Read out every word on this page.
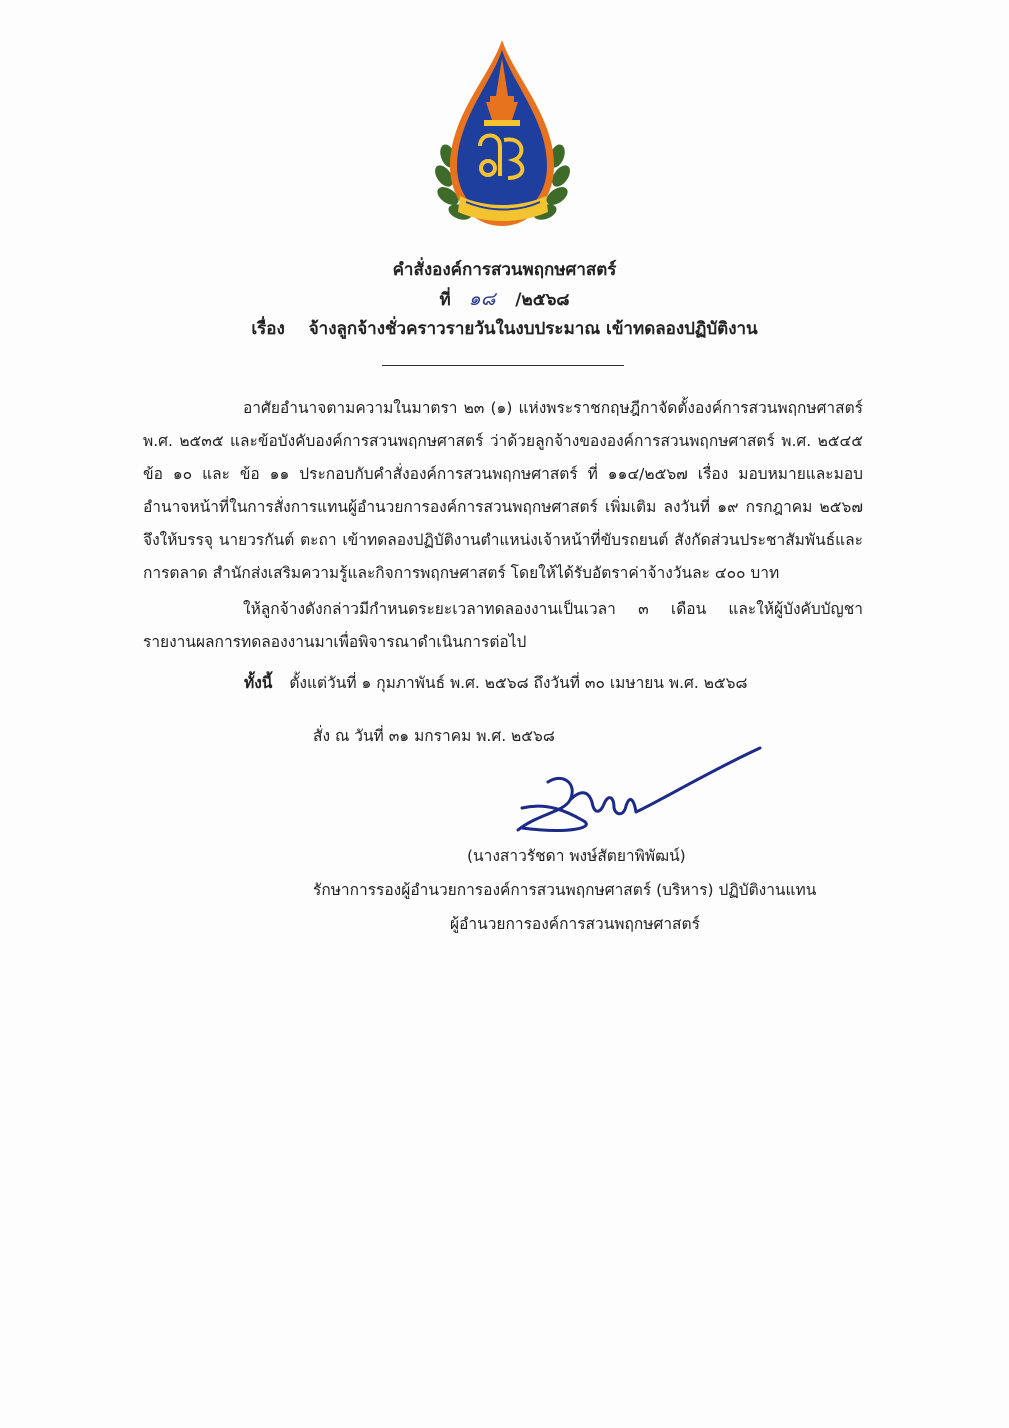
คำสั่งองค์การสวนพฤกษศาสตร์
ที่ ๑๘ /๒๕๖๘
เรื่อง จ้างลูกจ้างชั่วคราวรายวันในงบประมาณ เข้าทดลองปฏิบัติงาน
อาศัยอำนาจตามความในมาตรา ๒๓ (๑) แห่งพระราชกฤษฎีกาจัดตั้งองค์การสวนพฤกษศาสตร์ พ.ศ. ๒๕๓๕ และข้อบังคับองค์การสวนพฤกษศาสตร์ ว่าด้วยลูกจ้างขององค์การสวนพฤกษศาสตร์ พ.ศ. ๒๕๔๕ ข้อ ๑๐ และ ข้อ ๑๑ ประกอบกับคำสั่งองค์การสวนพฤกษศาสตร์ ที่ ๑๑๔/๒๕๖๗ เรื่อง มอบหมายและมอบอำนาจหน้าที่ในการสั่งการแทนผู้อำนวยการองค์การสวนพฤกษศาสตร์ เพิ่มเติม ลงวันที่ ๑๙ กรกฎาคม ๒๕๖๗ จึงให้บรรจุ นายวรกันต์ ตะถา เข้าทดลองปฏิบัติงานตำแหน่งเจ้าหน้าที่ขับรถยนต์ สังกัดส่วนประชาสัมพันธ์และการตลาด สำนักส่งเสริมความรู้และกิจการพฤกษศาสตร์ โดยให้ได้รับอัตราค่าจ้างวันละ ๔๐๐ บาท
ให้ลูกจ้างดังกล่าวมีกำหนดระยะเวลาทดลองงานเป็นเวลา ๓ เดือน และให้ผู้บังคับบัญชารายงานผลการทดลองงานมาเพื่อพิจารณาดำเนินการต่อไป
ทั้งนี้ ตั้งแต่วันที่ ๑ กุมภาพันธ์ พ.ศ. ๒๕๖๘ ถึงวันที่ ๓๐ เมษายน พ.ศ. ๒๕๖๘
สั่ง ณ วันที่ ๓๑ มกราคม พ.ศ. ๒๕๖๘
(นางสาวรัชดา พงษ์สัตยาพิพัฒน์)
รักษาการรองผู้อำนวยการองค์การสวนพฤกษศาสตร์ (บริหาร) ปฏิบัติงานแทน
ผู้อำนวยการองค์การสวนพฤกษศาสตร์
